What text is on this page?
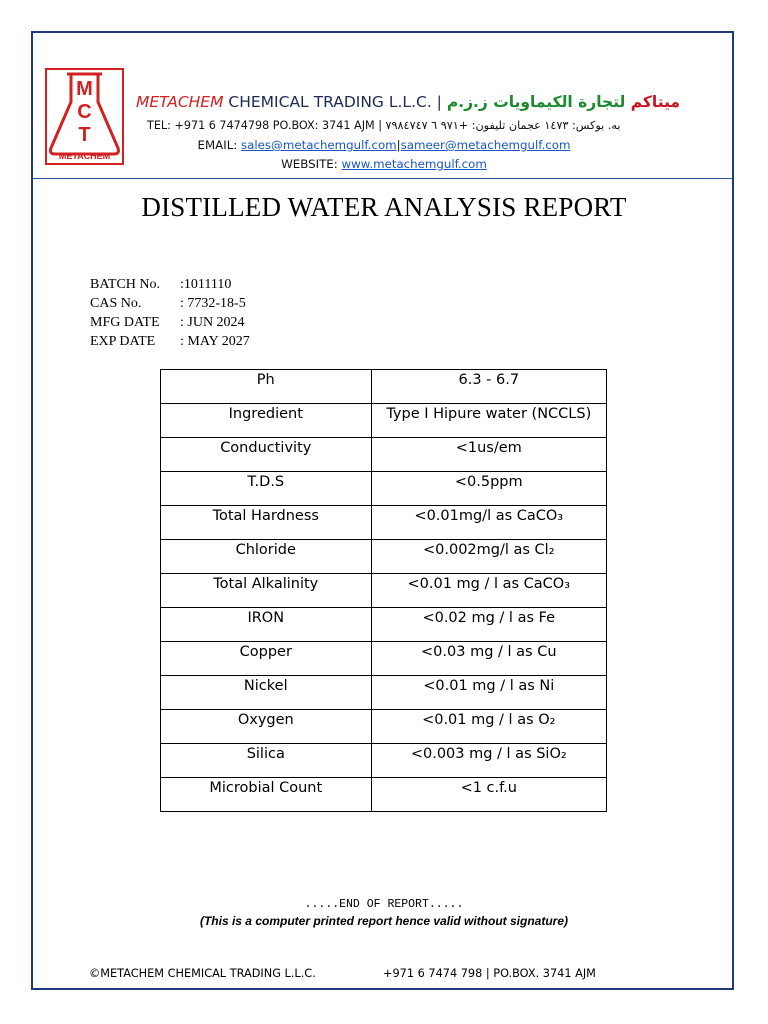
M
C
T
METACHEM
METACHEM CHEMICAL TRADING L.L.C. |	ميتاكم لتجارة الكيماويات ز.ز.م
TEL: +971 6 7474798 PO.BOX: 3741 AJM | به. بوكس: ١٤٧٣ عجمان تليفون: +٩٧١ ٦ ٧٩٨٤٧٤٧
EMAIL: sales@metachemgulf.com|sameer@metachemgulf.com
WEBSITE: www.metachemgulf.com
DISTILLED WATER ANALYSIS REPORT
BATCH No. :1011110
CAS No.	: 7732-18-5
MFG DATE : JUN 2024
EXP DATE : MAY 2027
Ph	6.3 - 6.7
Ingredient	Type I Hipure water (NCCLS)
Conductivity	<1us/em
T.D.S	<0.5ppm
Total Hardness	<0.01mg/l as CaCO₃
Chloride	<0.002mg/l as Cl₂
Total Alkalinity	<0.01 mg / l as CaCO₃
IRON	<0.02 mg / l as Fe
Copper	<0.03 mg / l as Cu
Nickel	<0.01 mg / l as Ni
Oxygen	<0.01 mg / l as O₂
Silica	<0.003 mg / l as SiO₂
Microbial Count	<1 c.f.u
.....END OF REPORT.....
(This is a computer printed report hence valid without signature)
©METACHEM CHEMICAL TRADING L.L.C.	+971 6 7474 798 | PO.BOX. 3741 AJM
